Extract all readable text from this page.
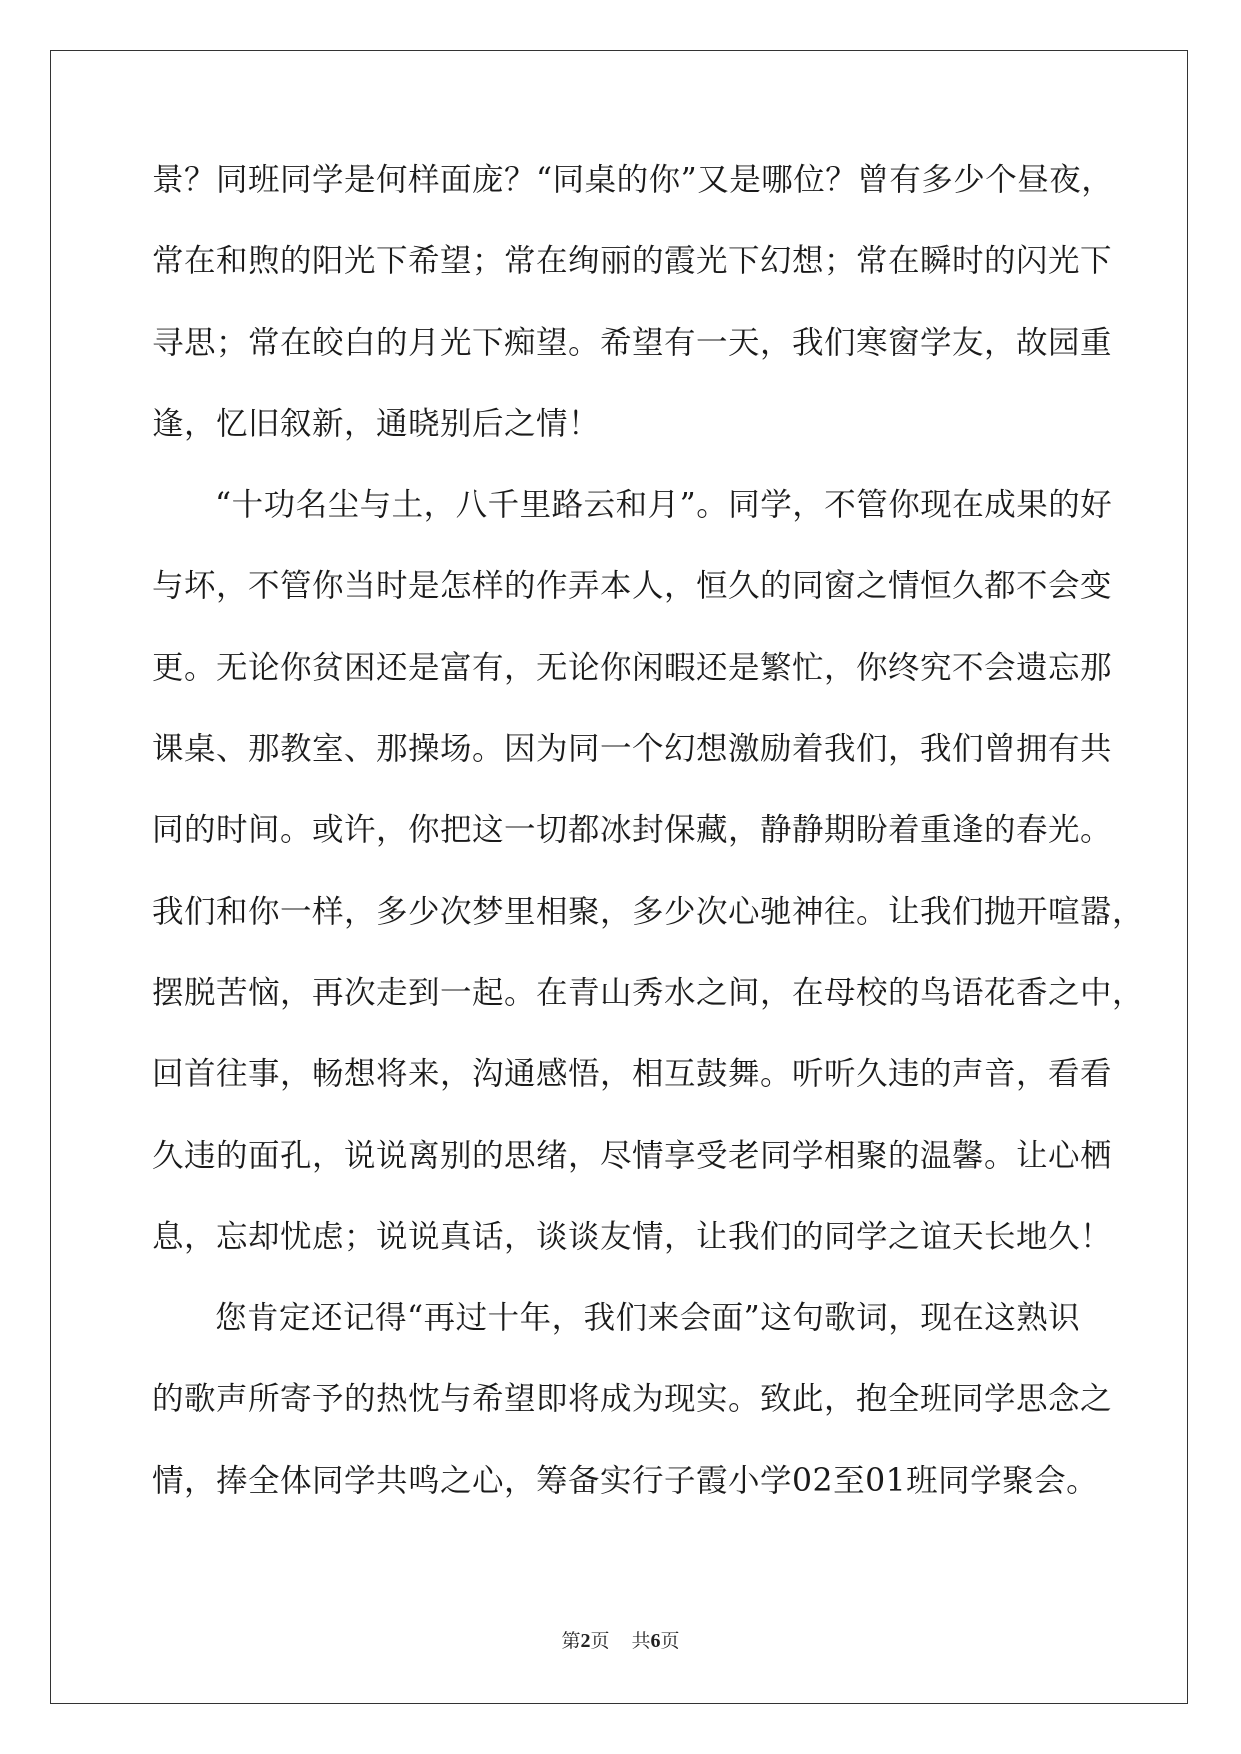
景？同班同学是何样面庞？“同桌的你”又是哪位？曾有多少个昼夜，
常在和煦的阳光下希望；常在绚丽的霞光下幻想；常在瞬时的闪光下
寻思；常在皎白的月光下痴望。希望有一天，我们寒窗学友，故园重
逢，忆旧叙新，通晓别后之情！
“十功名尘与土，八千里路云和月”。同学，不管你现在成果的好
与坏，不管你当时是怎样的作弄本人，恒久的同窗之情恒久都不会变
更。无论你贫困还是富有，无论你闲暇还是繁忙，你终究不会遗忘那
课桌、那教室、那操场。因为同一个幻想激励着我们，我们曾拥有共
同的时间。或许，你把这一切都冰封保藏，静静期盼着重逢的春光。
我们和你一样，多少次梦里相聚，多少次心驰神往。让我们抛开喧嚣，
摆脱苦恼，再次走到一起。在青山秀水之间，在母校的鸟语花香之中，
回首往事，畅想将来，沟通感悟，相互鼓舞。听听久违的声音，看看
久违的面孔，说说离别的思绪，尽情享受老同学相聚的温馨。让心栖
息，忘却忧虑；说说真话，谈谈友情，让我们的同学之谊天长地久！
您肯定还记得“再过十年，我们来会面”这句歌词，现在这熟识
的歌声所寄予的热忱与希望即将成为现实。致此，抱全班同学思念之
情，捧全体同学共鸣之心，筹备实行子霞小学02至01班同学聚会。
第2页 共6页
